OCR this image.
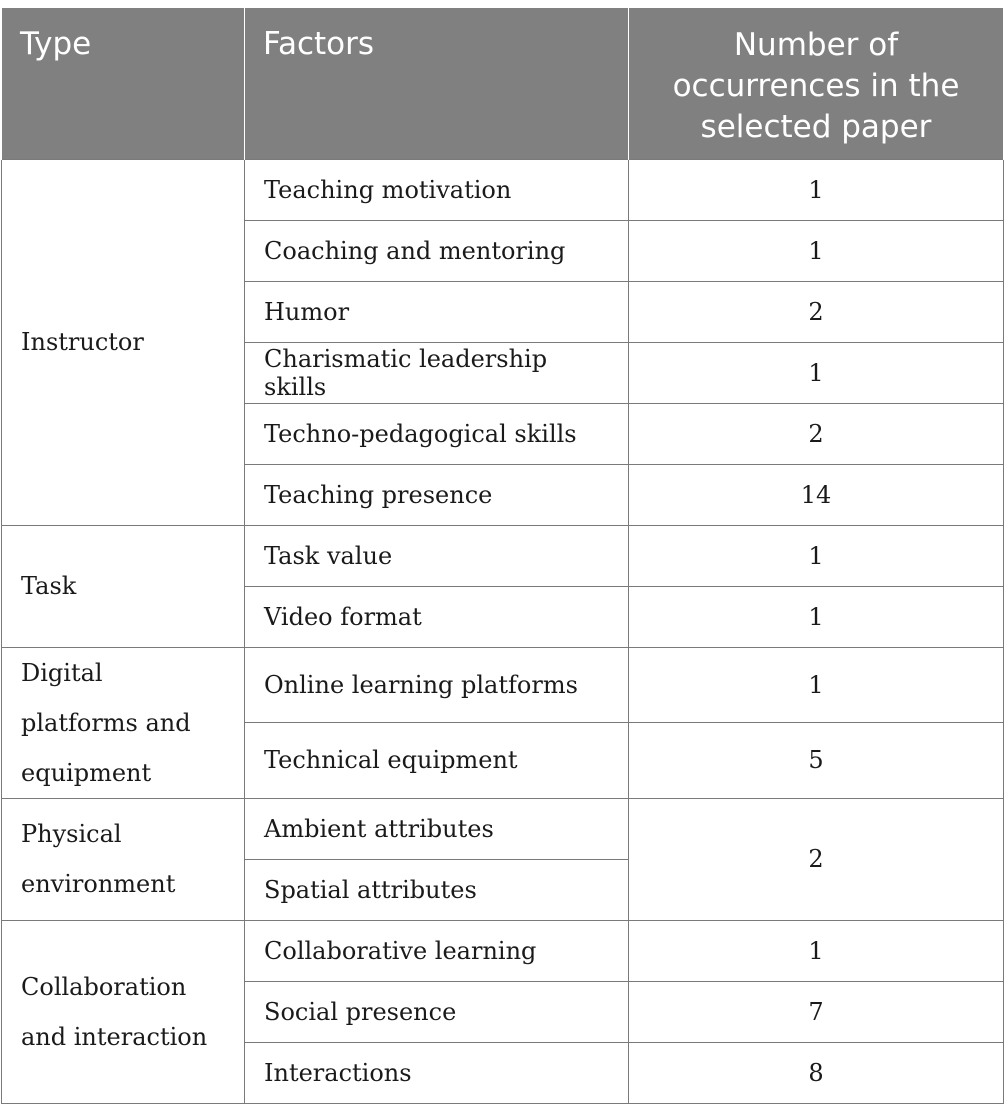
Type	Factors	Number of occurrences in the selected paper
Instructor	Teaching motivation	1
	Coaching and mentoring	1
	Humor	2
	Charismatic leadership skills	1
	Techno-pedagogical skills	2
	Teaching presence	14
Task	Task value	1
	Video format	1
Digital platforms and equipment	Online learning platforms	1
	Technical equipment	5
Physical environment	Ambient attributes	2
	Spatial attributes	
Collaboration and interaction	Collaborative learning	1
	Social presence	7
	Interactions	8
